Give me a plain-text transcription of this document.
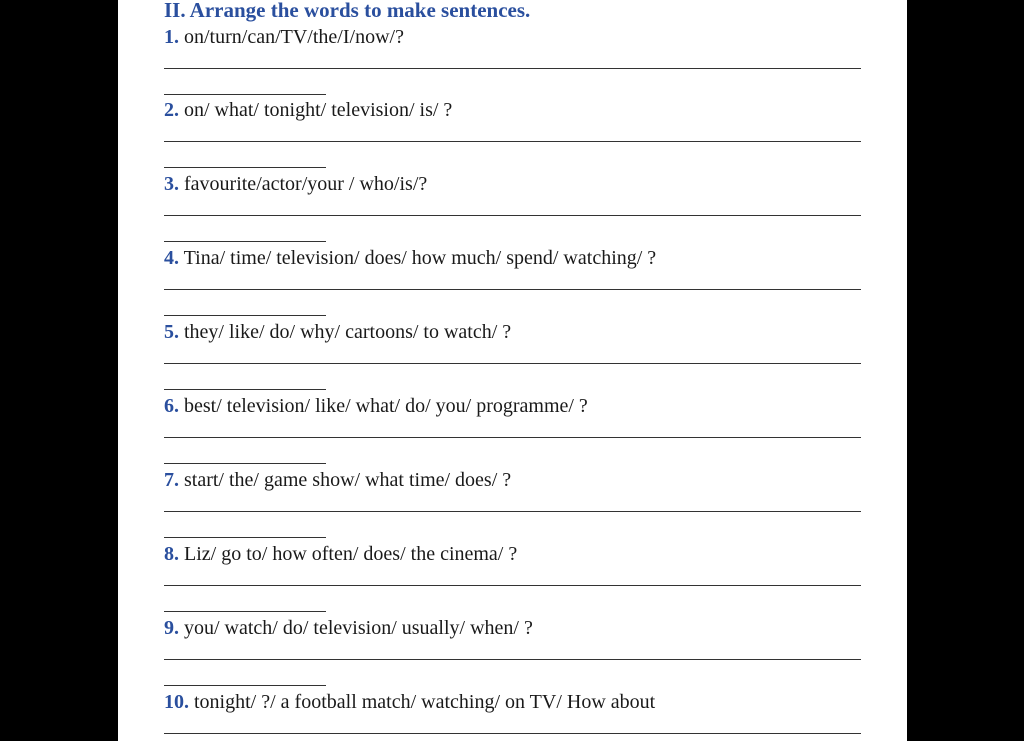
II. Arrange the words to make sentences.
1. on/turn/can/TV/the/I/now/?
2. on/ what/ tonight/ television/ is/ ?
3. favourite/actor/your / who/is/?
4. Tina/ time/ television/ does/ how much/ spend/ watching/ ?
5. they/ like/ do/ why/ cartoons/ to watch/ ?
6. best/ television/ like/ what/ do/ you/ programme/ ?
7. start/ the/ game show/ what time/ does/ ?
8. Liz/ go to/ how often/ does/ the cinema/ ?
9. you/ watch/ do/ television/ usually/ when/ ?
10. tonight/ ?/ a football match/ watching/ on TV/ How about
